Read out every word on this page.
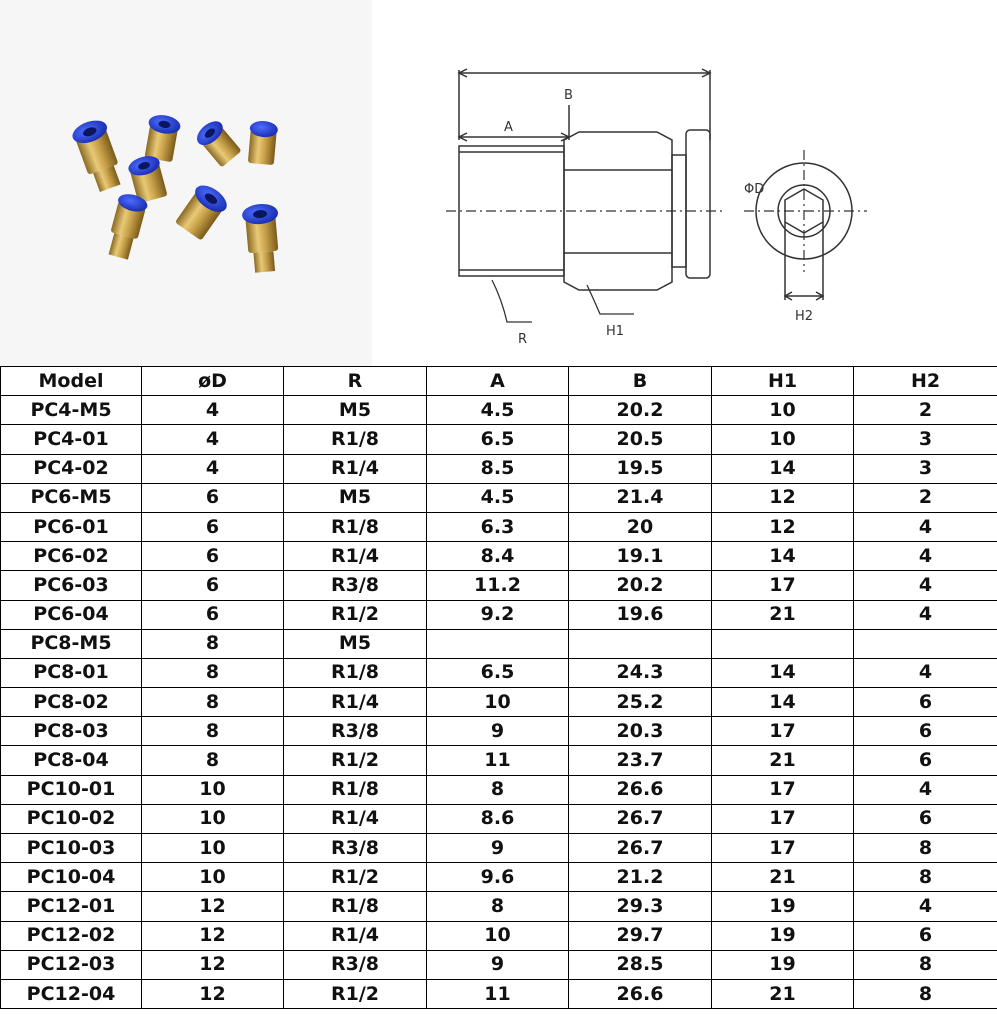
B
A
R
H1
ΦD
H2
Model	øD	R	A	B	H1	H2
PC4-M5	4	M5	4.5	20.2	10	2
PC4-01	4	R1/8	6.5	20.5	10	3
PC4-02	4	R1/4	8.5	19.5	14	3
PC6-M5	6	M5	4.5	21.4	12	2
PC6-01	6	R1/8	6.3	20	12	4
PC6-02	6	R1/4	8.4	19.1	14	4
PC6-03	6	R3/8	11.2	20.2	17	4
PC6-04	6	R1/2	9.2	19.6	21	4
PC8-M5	8	M5				
PC8-01	8	R1/8	6.5	24.3	14	4
PC8-02	8	R1/4	10	25.2	14	6
PC8-03	8	R3/8	9	20.3	17	6
PC8-04	8	R1/2	11	23.7	21	6
PC10-01	10	R1/8	8	26.6	17	4
PC10-02	10	R1/4	8.6	26.7	17	6
PC10-03	10	R3/8	9	26.7	17	8
PC10-04	10	R1/2	9.6	21.2	21	8
PC12-01	12	R1/8	8	29.3	19	4
PC12-02	12	R1/4	10	29.7	19	6
PC12-03	12	R3/8	9	28.5	19	8
PC12-04	12	R1/2	11	26.6	21	8
